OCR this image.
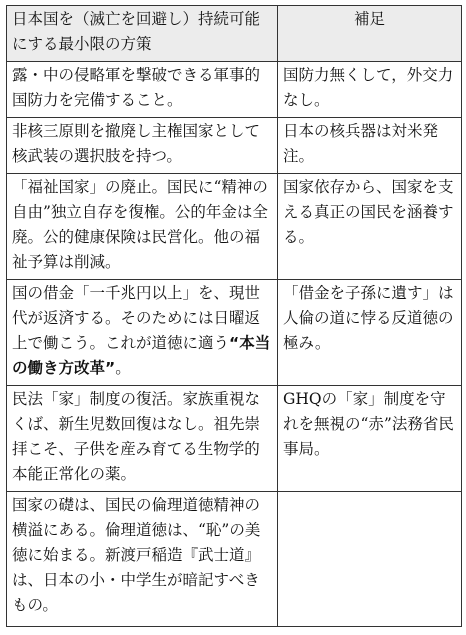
日本国を（滅亡を回避し）持続可能にする最小限の方策	補足
露・中の侵略軍を撃破できる軍事的国防力を完備すること。	国防力無くして，外交力なし。
非核三原則を撤廃し主権国家として核武装の選択肢を持つ。	日本の核兵器は対米発注。
「福祉国家」の廃止。国民に“精神の自由”独立自存を復権。公的年金は全廃。公的健康保険は民営化。他の福祉予算は削減。	国家依存から、国家を支える真正の国民を涵養する。
国の借金「一千兆円以上」を、現世代が返済する。そのためには日曜返上で働こう。これが道徳に適う“本当の働き方改革”。	「借金を子孫に遺す」は人倫の道に悖る反道徳の極み。
民法「家」制度の復活。家族重視なくば、新生児数回復はなし。祖先崇拝こそ、子供を産み育てる生物学的本能正常化の薬。	GHQの「家」制度を守れを無視の“赤”法務省民事局。
国家の礎は、国民の倫理道徳精神の横溢にある。倫理道徳は、“恥”の美徳に始まる。新渡戸稲造『武士道』は、日本の小・中学生が暗記すべきもの。	
